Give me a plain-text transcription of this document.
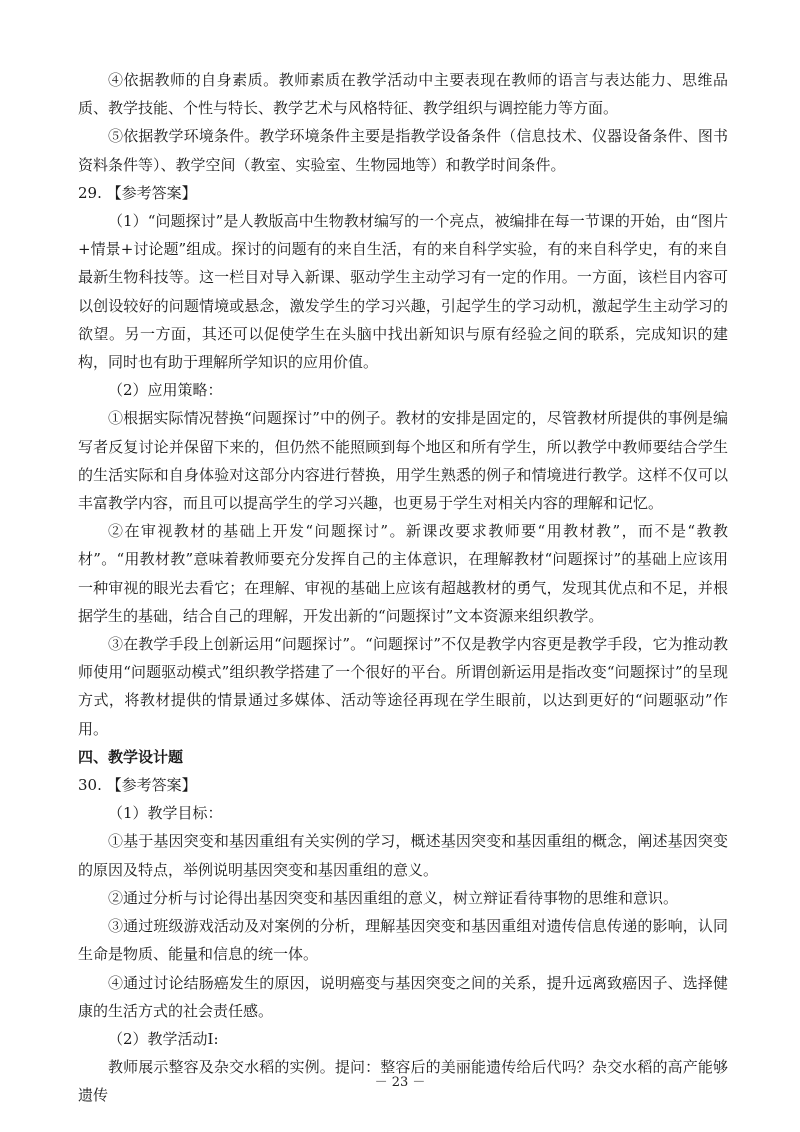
④依据教师的自身素质。教师素质在教学活动中主要表现在教师的语言与表达能力、思维品质、教学技能、个性与特长、教学艺术与风格特征、教学组织与调控能力等方面。

⑤依据教学环境条件。教学环境条件主要是指教学设备条件（信息技术、仪器设备条件、图书资料条件等）、教学空间（教室、实验室、生物园地等）和教学时间条件。

29. 【参考答案】

（1）“问题探讨”是人教版高中生物教材编写的一个亮点，被编排在每一节课的开始，由“图片+情景+讨论题”组成。探讨的问题有的来自生活，有的来自科学实验，有的来自科学史，有的来自最新生物科技等。这一栏目对导入新课、驱动学生主动学习有一定的作用。一方面，该栏目内容可以创设较好的问题情境或悬念，激发学生的学习兴趣，引起学生的学习动机，激起学生主动学习的欲望。另一方面，其还可以促使学生在头脑中找出新知识与原有经验之间的联系，完成知识的建构，同时也有助于理解所学知识的应用价值。

（2）应用策略：

①根据实际情况替换“问题探讨”中的例子。教材的安排是固定的，尽管教材所提供的事例是编写者反复讨论并保留下来的，但仍然不能照顾到每个地区和所有学生，所以教学中教师要结合学生的生活实际和自身体验对这部分内容进行替换，用学生熟悉的例子和情境进行教学。这样不仅可以丰富教学内容，而且可以提高学生的学习兴趣，也更易于学生对相关内容的理解和记忆。

②在审视教材的基础上开发“问题探讨”。新课改要求教师要“用教材教”，而不是“教教材”。“用教材教”意味着教师要充分发挥自己的主体意识，在理解教材“问题探讨”的基础上应该用一种审视的眼光去看它；在理解、审视的基础上应该有超越教材的勇气，发现其优点和不足，并根据学生的基础，结合自己的理解，开发出新的“问题探讨”文本资源来组织教学。

③在教学手段上创新运用“问题探讨”。“问题探讨”不仅是教学内容更是教学手段，它为推动教师使用“问题驱动模式”组织教学搭建了一个很好的平台。所谓创新运用是指改变“问题探讨”的呈现方式，将教材提供的情景通过多媒体、活动等途径再现在学生眼前，以达到更好的“问题驱动”作用。

四、教学设计题

30. 【参考答案】

（1）教学目标：

①基于基因突变和基因重组有关实例的学习，概述基因突变和基因重组的概念，阐述基因突变的原因及特点，举例说明基因突变和基因重组的意义。

②通过分析与讨论得出基因突变和基因重组的意义，树立辩证看待事物的思维和意识。

③通过班级游戏活动及对案例的分析，理解基因突变和基因重组对遗传信息传递的影响，认同生命是物质、能量和信息的统一体。

④通过讨论结肠癌发生的原因，说明癌变与基因突变之间的关系，提升远离致癌因子、选择健康的生活方式的社会责任感。

（2）教学活动Ⅰ:

教师展示整容及杂交水稻的实例。提问：整容后的美丽能遗传给后代吗？杂交水稻的高产能够遗传

－ 23 －
